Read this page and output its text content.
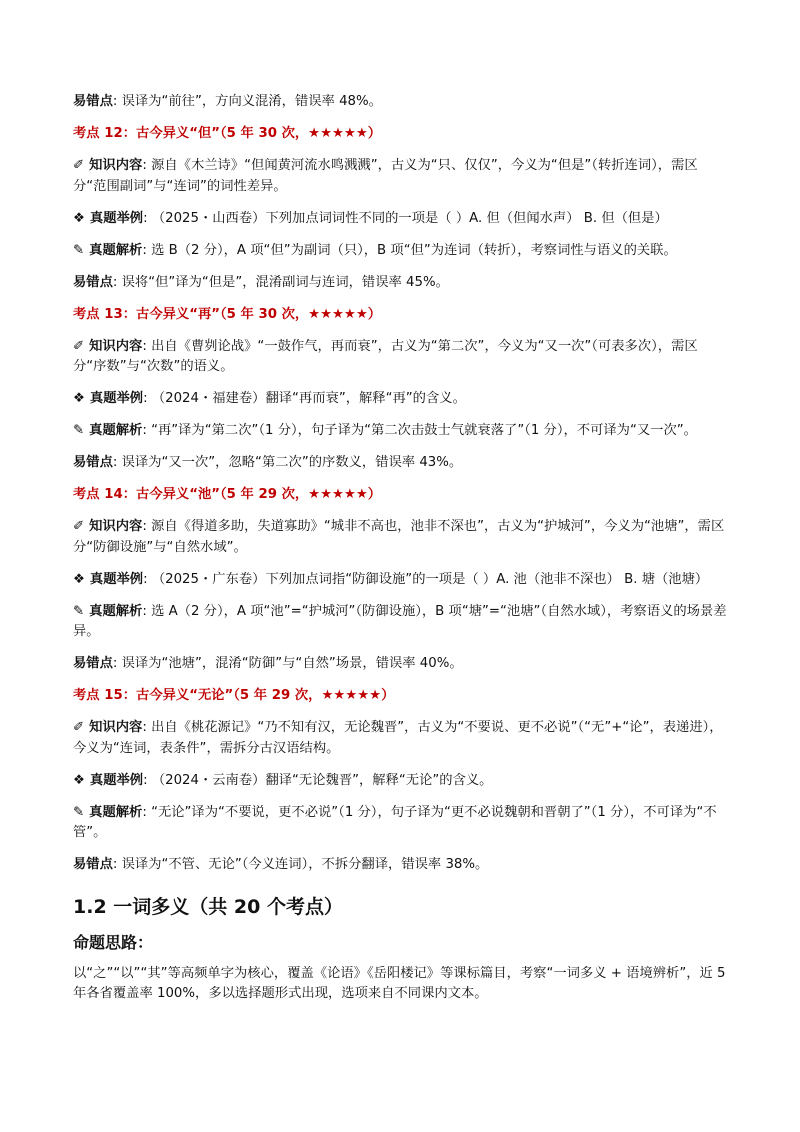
易错点: 误译为“前往”，方向义混淆，错误率 48%。

考点 12：古今异义“但”（5 年 30 次，★★★★★）

✐ 知识内容: 源自《木兰诗》“但闻黄河流水鸣溅溅”，古义为“只、仅仅”，今义为“但是”（转折连词），需区分“范围副词”与“连词”的词性差异。

❖ 真题举例: （2025・山西卷）下列加点词词性不同的一项是（ ）A. 但（但闻水声） B. 但（但是）

✎ 真题解析: 选 B（2 分），A 项“但”为副词（只），B 项“但”为连词（转折），考察词性与语义的关联。

易错点: 误将“但”译为“但是”，混淆副词与连词，错误率 45%。

考点 13：古今异义“再”（5 年 30 次，★★★★★）

✐ 知识内容: 出自《曹刿论战》“一鼓作气，再而衰”，古义为“第二次”，今义为“又一次”（可表多次），需区分“序数”与“次数”的语义。

❖ 真题举例: （2024・福建卷）翻译“再而衰”，解释“再”的含义。

✎ 真题解析: “再”译为“第二次”（1 分），句子译为“第二次击鼓士气就衰落了”（1 分），不可译为“又一次”。

易错点: 误译为“又一次”，忽略“第二次”的序数义，错误率 43%。

考点 14：古今异义“池”（5 年 29 次，★★★★★）

✐ 知识内容: 源自《得道多助，失道寡助》“城非不高也，池非不深也”，古义为“护城河”，今义为“池塘”，需区分“防御设施”与“自然水域”。

❖ 真题举例: （2025・广东卷）下列加点词指“防御设施”的一项是（ ）A. 池（池非不深也） B. 塘（池塘）

✎ 真题解析: 选 A（2 分），A 项“池”=“护城河”（防御设施），B 项“塘”=“池塘”（自然水域），考察语义的场景差异。

易错点: 误译为“池塘”，混淆“防御”与“自然”场景，错误率 40%。

考点 15：古今异义“无论”（5 年 29 次，★★★★★）

✐ 知识内容: 出自《桃花源记》“乃不知有汉，无论魏晋”，古义为“不要说、更不必说”（“无”+“论”，表递进），今义为“连词，表条件”，需拆分古汉语结构。

❖ 真题举例: （2024・云南卷）翻译“无论魏晋”，解释“无论”的含义。

✎ 真题解析: “无论”译为“不要说，更不必说”（1 分），句子译为“更不必说魏朝和晋朝了”（1 分），不可译为“不管”。

易错点: 误译为“不管、无论”（今义连词），不拆分翻译，错误率 38%。

1.2 一词多义（共 20 个考点）
命题思路：

以“之”“以”“其”等高频单字为核心，覆盖《论语》《岳阳楼记》等课标篇目，考察“一词多义 + 语境辨析”，近 5 年各省覆盖率 100%，多以选择题形式出现，选项来自不同课内文本。
